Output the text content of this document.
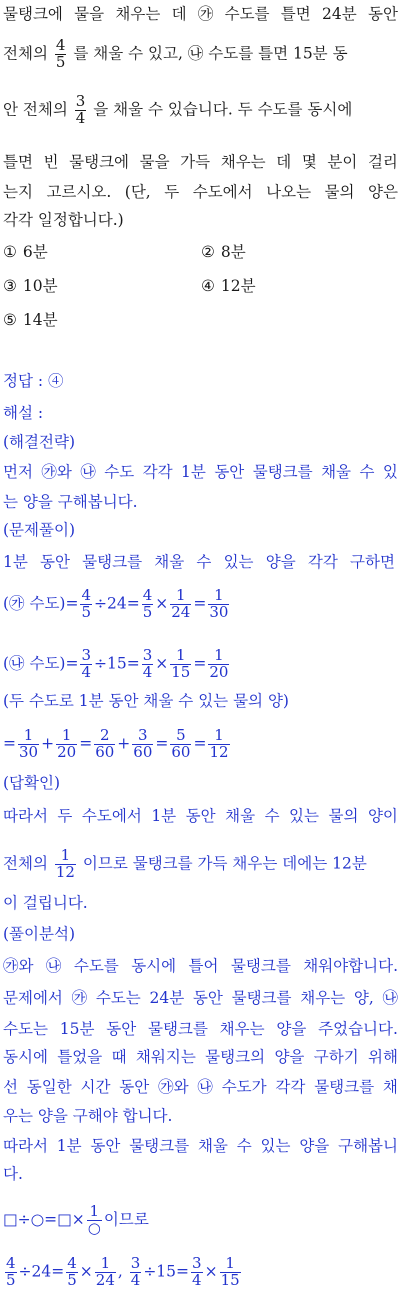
물탱크에 물을 채우는 데 ㉮ 수도를 틀면 24분 동안
전체의 $\frac{4}{5}$ 를 채울 수 있고, ㉯ 수도를 틀면 15분 동
안 전체의 $\frac{3}{4}$ 을 채울 수 있습니다. 두 수도를 동시에
틀면 빈 물탱크에 물을 가득 채우는 데 몇 분이 걸리
는지 고르시오. (단, 두 수도에서 나오는 물의 양은
각각 일정합니다.)
① 6분	② 8분
③ 10분	④ 12분
⑤ 14분
정답 : ④
해설 :
(해결전략)
먼저 ㉮와 ㉯ 수도 각각 1분 동안 물탱크를 채울 수 있
는 양을 구해봅니다.
(문제풀이)
1분 동안 물탱크를 채울 수 있는 양을 각각 구하면
(㉮ 수도)= $\frac{4}{5} \div 24= \frac{4}{5} \times \frac{1}{24} = \frac{1}{30}$
(㉯ 수도)= $\frac{3}{4} \div 15= \frac{3}{4} \times \frac{1}{15} = \frac{1}{20}$
(두 수도로 1분 동안 채울 수 있는 물의 양)
= $\frac{1}{30} + \frac{1}{20} = \frac{2}{60} + \frac{3}{60} = \frac{5}{60} = \frac{1}{12}$
(답확인)
따라서 두 수도에서 1분 동안 채울 수 있는 물의 양이
전체의 $\frac{1}{12}$ 이므로 물탱크를 가득 채우는 데에는 12분
이 걸립니다.
(풀이분석)
㉮와 ㉯ 수도를 동시에 틀어 물탱크를 채워야합니다.
문제에서 ㉮ 수도는 24분 동안 물탱크를 채우는 양, ㉯
수도는 15분 동안 물탱크를 채우는 양을 주었습니다.
동시에 틀었을 때 채워지는 물탱크의 양을 구하기 위해
선 동일한 시간 동안 ㉮와 ㉯ 수도가 각각 물탱크를 채
우는 양을 구해야 합니다.
따라서 1분 동안 물탱크를 채울 수 있는 양을 구해봅니
다.
□÷○=□× 1
○ 이므로
$\frac{4}{5} \div 24= \frac{4}{5} \times \frac{1}{24}$ , $\frac{3}{4} \div 15= \frac{3}{4} \times \frac{1}{15}$
